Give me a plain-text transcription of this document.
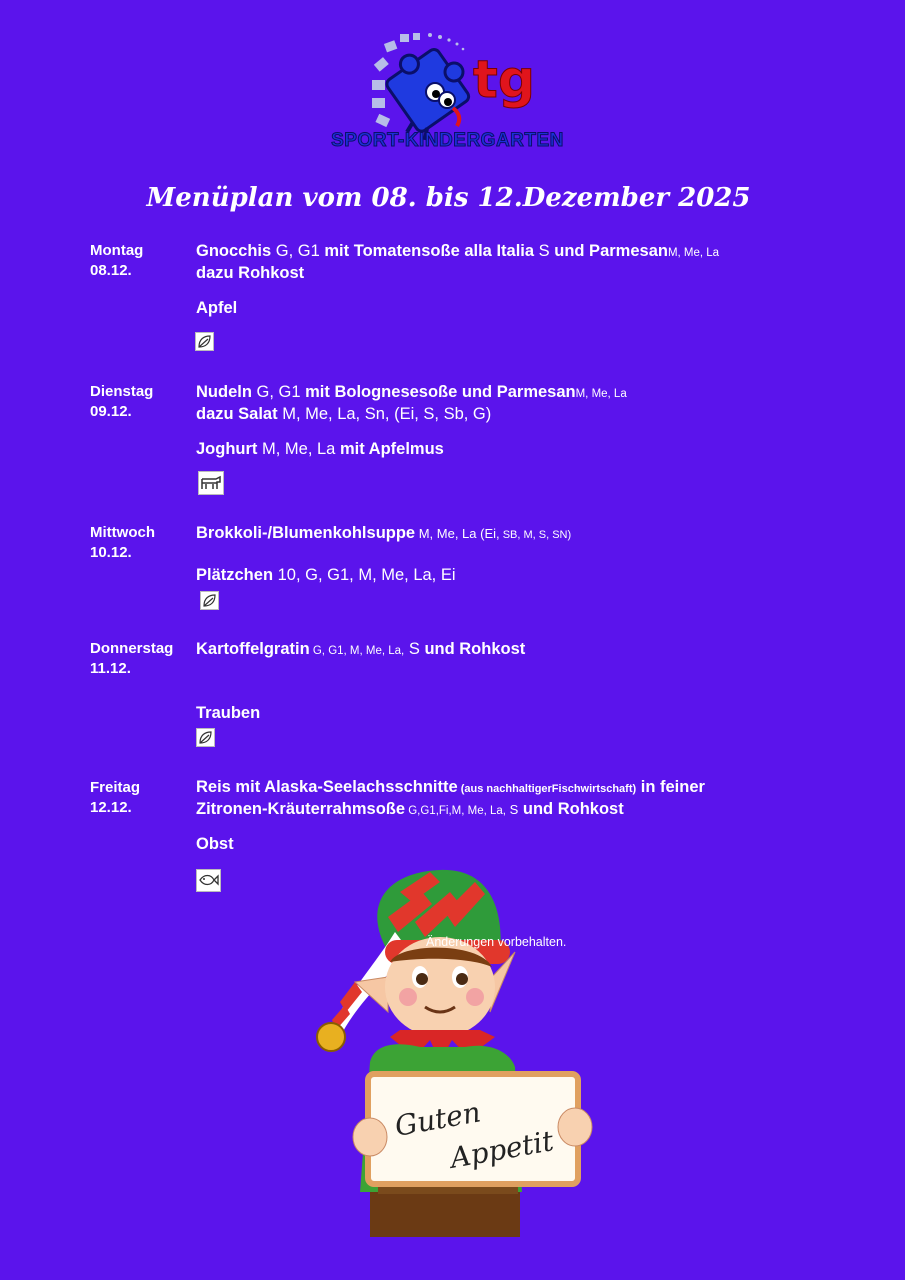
tg
SPORT-KINDERGARTEN
Menüplan vom 08. bis 12.Dezember 2025
Montag
08.12.
Gnocchis G, G1 mit Tomatensoße alla Italia S und ParmesanM, Me, La
dazu Rohkost
Apfel
Dienstag
09.12.
Nudeln G, G1 mit Bolognesesoße und ParmesanM, Me, La
dazu Salat M, Me, La, Sn, (Ei, S, Sb, G)
Joghurt M, Me, La mit Apfelmus
Mittwoch
10.12.
Brokkoli-/Blumenkohlsuppe M, Me, La (Ei, SB, M, S, SN)
Plätzchen 10, G, G1, M, Me, La, Ei
Donnerstag
11.12.
Kartoffelgratin G, G1, M, Me, La, S und Rohkost
Trauben
Freitag
12.12.
Reis mit Alaska-Seelachsschnitte (aus nachhaltigerFischwirtschaft) in feiner
Zitronen-Kräuterrahmsoße G,G1,Fi,M, Me, La, S und Rohkost
Obst
Guten
Appetit
Änderungen vorbehalten.
